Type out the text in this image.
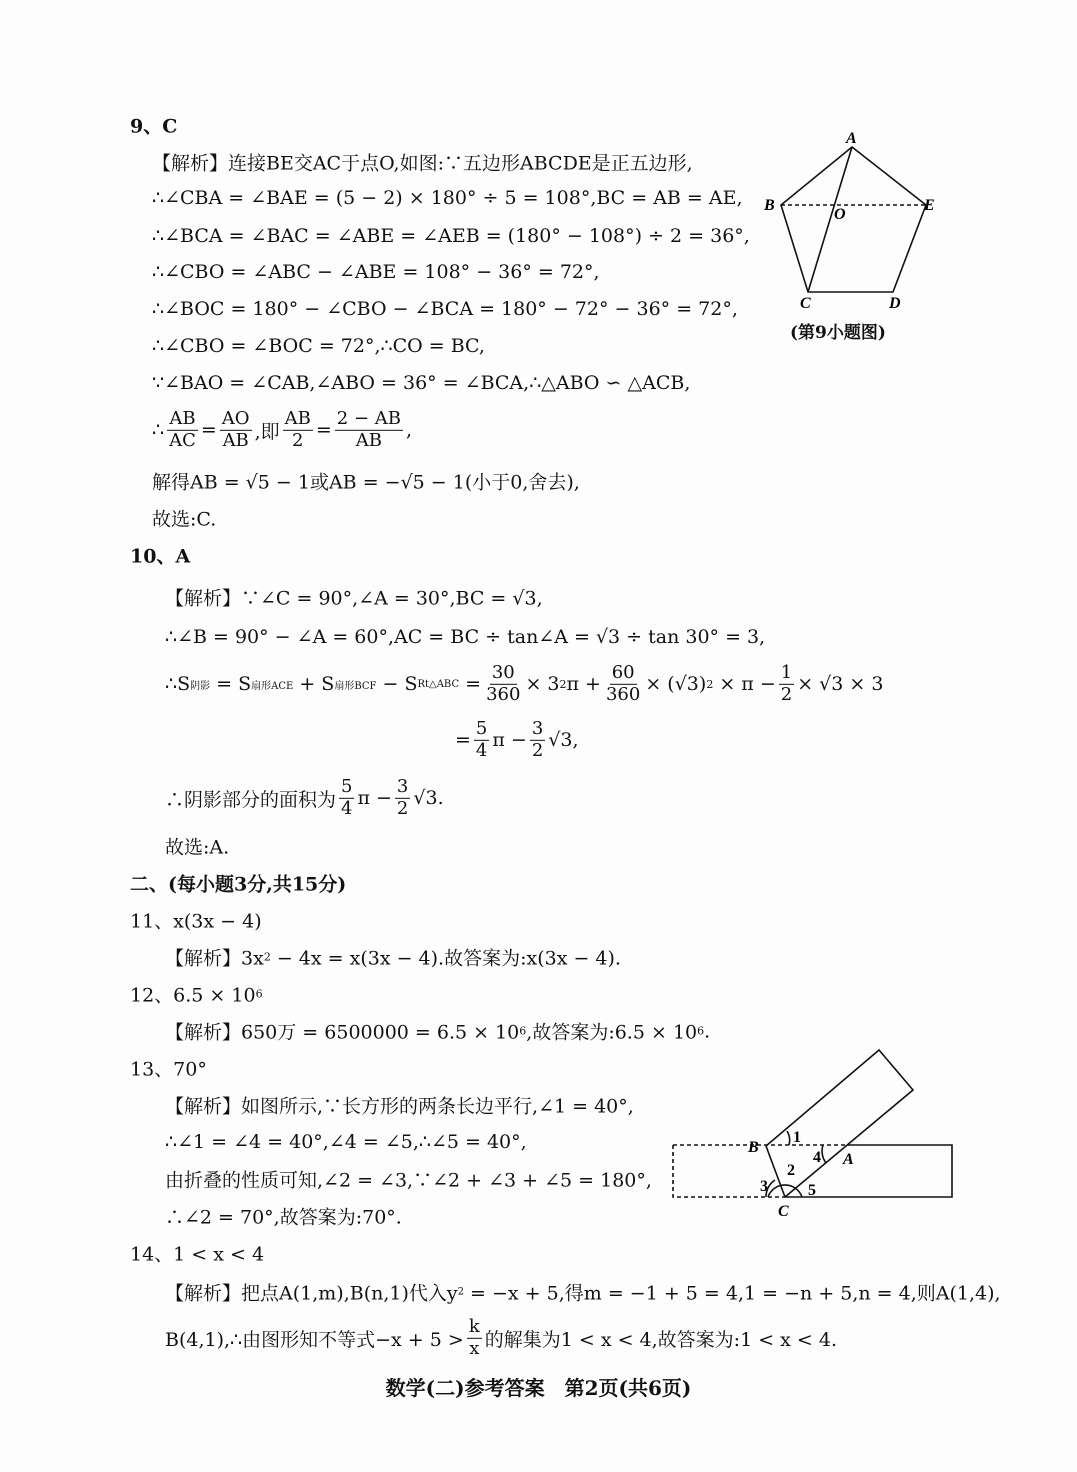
9、C
【解析】连接BE交AC于点O,如图:∵五边形ABCDE是正五边形,
∴∠CBA = ∠BAE = (5 − 2) × 180° ÷ 5 = 108°,BC = AB = AE,
∴∠BCA = ∠BAC = ∠ABE = ∠AEB = (180° − 108°) ÷ 2 = 36°,
∴∠CBO = ∠ABC − ∠ABE = 108° − 36° = 72°,
∴∠BOC = 180° − ∠CBO − ∠BCA = 180° − 72° − 36° = 72°,
∴∠CBO = ∠BOC = 72°,∴CO = BC,
∵∠BAO = ∠CAB,∠ABO = 36° = ∠BCA,∴△ABO ∽ △ACB,
∴ $\frac{AB}{AC} = \frac{AO}{AB}$ ,即 $\frac{AB}{2} = \frac{2 - AB}{AB}$ ,
解得AB = √5 − 1或AB = −√5 − 1(小于0,舍去),
故选:C.
10、A
【解析】∵∠C = 90°,∠A = 30°,BC = √3,
∴∠B = 90° − ∠A = 60°,AC = BC ÷ tan∠A = √3 ÷ tan 30° = 3,
∴S 阴影 = S 扇形ACE + S 扇形BCF − S Rt△ABC = $\frac{30}{360} \times 3$ 2 $\pi + \frac{60}{360} \times (√3) 2 \times \pi - \frac{1}{2} \times √3 \times 3$
= $\frac{5}{4}$ $\pi - \frac{3}{2} √3$,
∴阴影部分的面积为 $\frac{5}{4}$ $\pi - \frac{3}{2} √3$.
故选:A.
二、(每小题3分,共15分)
11、x(3x − 4)
【解析】3x 2 − 4x = x(3x − 4).故答案为:x(3x − 4).
12、6.5 × 10 6
【解析】650万 = 6500000 = 6.5 × 10 6 ,故答案为:6.5 × 10 6 .
13、70°
【解析】如图所示,∵长方形的两条长边平行,∠1 = 40°,
∴∠1 = ∠4 = 40°,∠4 = ∠5,∴∠5 = 40°,
由折叠的性质可知,∠2 = ∠3,∵∠2 + ∠3 + ∠5 = 180°,
∴∠2 = 70°,故答案为:70°.
14、1 < x < 4
【解析】把点A(1,m),B(n,1)代入y 2 = −x + 5,得m = −1 + 5 = 4,1 = −n + 5,n = 4,则A(1,4),
B(4,1),∴由图形知不等式$-x + 5 > \frac{k}{x}$ 的解集为1 < x < 4,故答案为:1 < x < 4.
A
B
C	D
E
O
B
A
C
1
2
3
4
5
(第9小题图)
数学(二)参考答案　第2页(共6页)
